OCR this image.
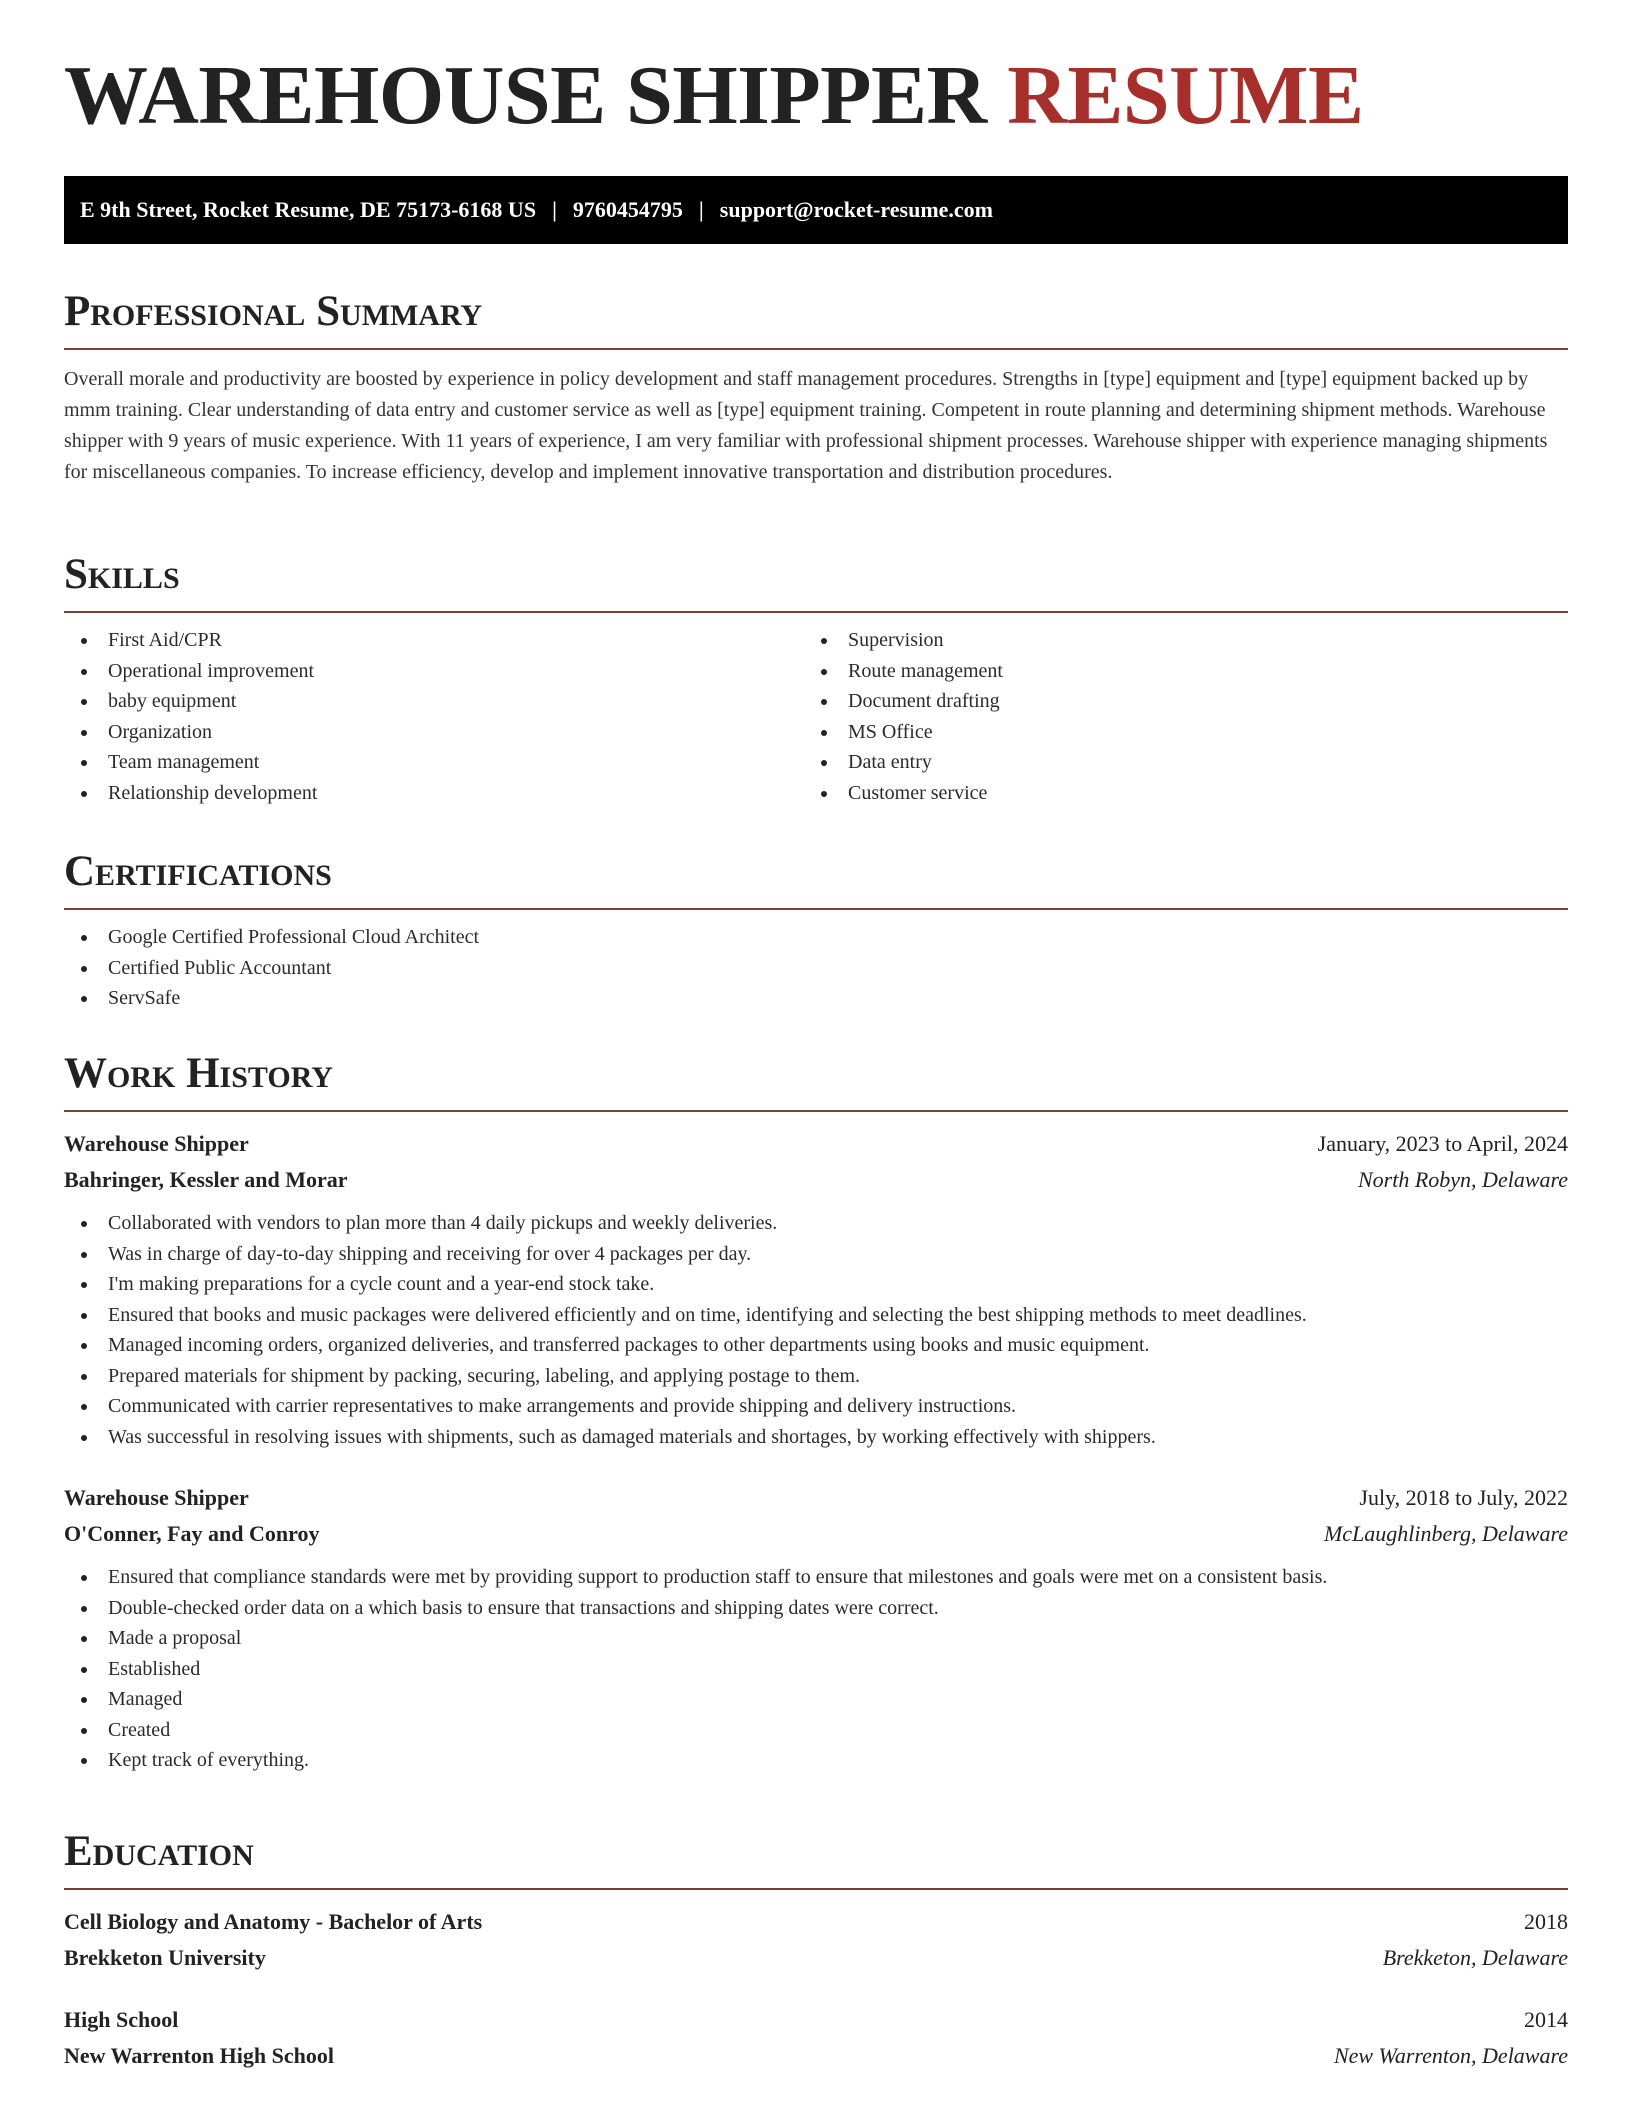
WAREHOUSE SHIPPER RESUME
E 9th Street, Rocket Resume, DE 75173-6168 US | 9760454795 | support@rocket-resume.com
Professional Summary

Overall morale and productivity are boosted by experience in policy development and staff management procedures. Strengths in [type] equipment and [type] equipment backed up by mmm training. Clear understanding of data entry and customer service as well as [type] equipment training. Competent in route planning and determining shipment methods. Warehouse shipper with 9 years of music experience. With 11 years of experience, I am very familiar with professional shipment processes. Warehouse shipper with experience managing shipments for miscellaneous companies. To increase efficiency, develop and implement innovative transportation and distribution procedures.

Skills
First Aid/CPR
Operational improvement
baby equipment
Organization
Team management
Relationship development
Supervision
Route management
Document drafting
MS Office
Data entry
Customer service
Certifications
Google Certified Professional Cloud Architect
Certified Public Accountant
ServSafe
Work History
Warehouse Shipper	January, 2023 to April, 2024
Bahringer, Kessler and Morar	North Robyn, Delaware
Collaborated with vendors to plan more than 4 daily pickups and weekly deliveries.
Was in charge of day-to-day shipping and receiving for over 4 packages per day.
I'm making preparations for a cycle count and a year-end stock take.
Ensured that books and music packages were delivered efficiently and on time, identifying and selecting the best shipping methods to meet deadlines.
Managed incoming orders, organized deliveries, and transferred packages to other departments using books and music equipment.
Prepared materials for shipment by packing, securing, labeling, and applying postage to them.
Communicated with carrier representatives to make arrangements and provide shipping and delivery instructions.
Was successful in resolving issues with shipments, such as damaged materials and shortages, by working effectively with shippers.
Warehouse Shipper	July, 2018 to July, 2022
O'Conner, Fay and Conroy	McLaughlinberg, Delaware
Ensured that compliance standards were met by providing support to production staff to ensure that milestones and goals were met on a consistent basis.
Double-checked order data on a which basis to ensure that transactions and shipping dates were correct.
Made a proposal
Established
Managed
Created
Kept track of everything.
Education
Cell Biology and Anatomy - Bachelor of Arts	2018
Brekketon University	Brekketon, Delaware
High School	2014
New Warrenton High School	New Warrenton, Delaware
